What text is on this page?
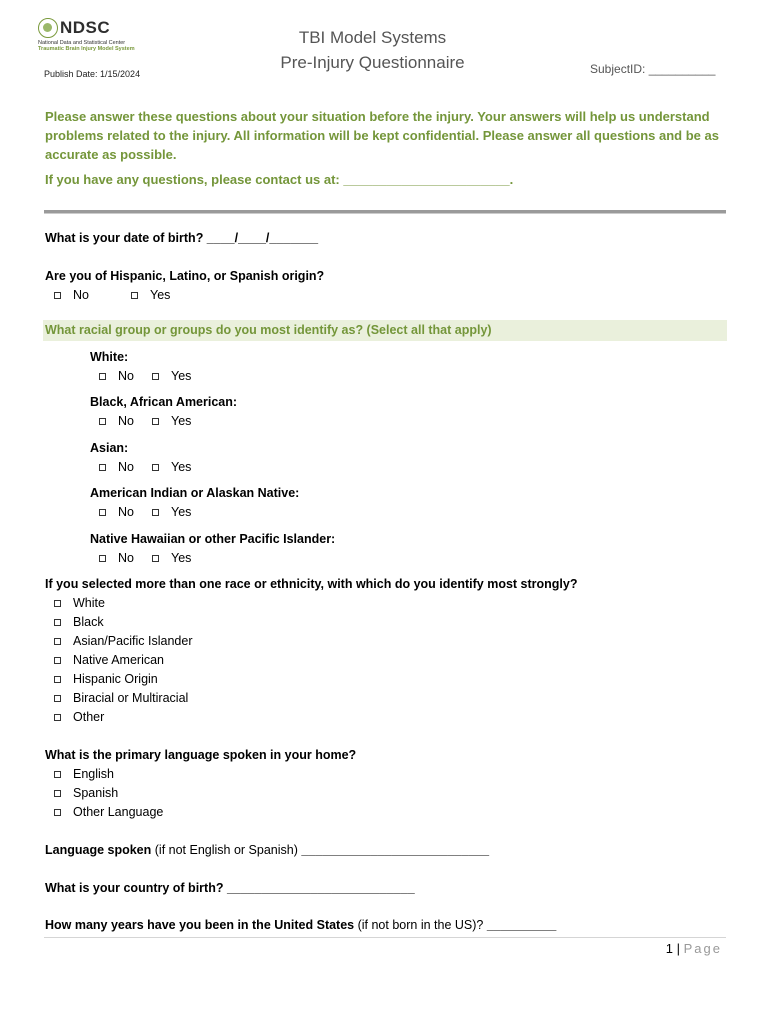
NDSC
National Data and Statistical Center
Traumatic Brain Injury Model System
Publish Date: 1/15/2024
TBI Model Systems
Pre-Injury Questionnaire	SubjectID: __________
Please answer these questions about your situation before the injury. Your answers will help us understand problems related to the injury. All information will be kept confidential. Please answer all questions and be as accurate as possible.
If you have any questions, please contact us at: _______________________.
What is your date of birth? ____/____/_______
Are you of Hispanic, Latino, or Spanish origin?
No	Yes
What racial group or groups do you most identify as? (Select all that apply)
White:
No	Yes
Black, African American:
No	Yes
Asian:
No	Yes
American Indian or Alaskan Native:
No	Yes
Native Hawaiian or other Pacific Islander:
No	Yes
If you selected more than one race or ethnicity, with which do you identify most strongly?
White
Black
Asian/Pacific Islander
Native American
Hispanic Origin
Biracial or Multiracial
Other
What is the primary language spoken in your home?
English
Spanish
Other Language
Language spoken (if not English or Spanish) ___________________________
What is your country of birth? ___________________________
How many years have you been in the United States (if not born in the US)? __________
1 | Page
